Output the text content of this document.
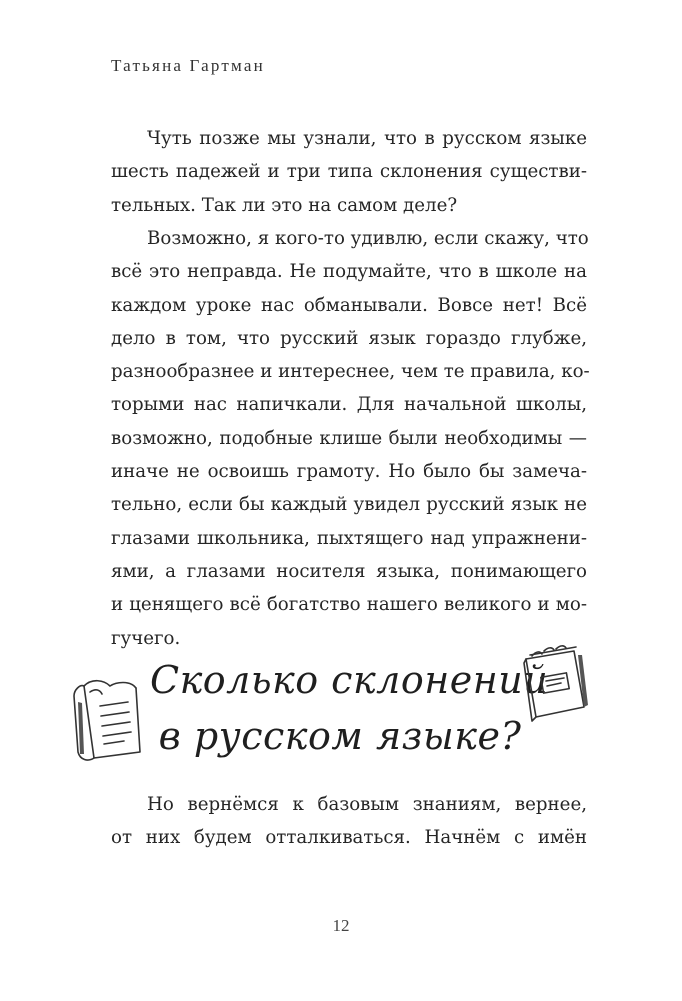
Татьяна Гартман
Чуть позже мы узнали, что в русском языке
шесть падежей и три типа склонения существи-
тельных. Так ли это на самом деле?
Возможно, я кого-то удивлю, если скажу, что
всё это неправда. Не подумайте, что в школе на
каждом уроке нас обманывали. Вовсе нет! Всё
дело в том, что русский язык гораздо глубже,
разнообразнее и интереснее, чем те правила, ко-
торыми нас напичкали. Для начальной школы,
возможно, подобные клише были необходимы —
иначе не освоишь грамоту. Но было бы замеча-
тельно, если бы каждый увидел русский язык не
глазами школьника, пыхтящего над упражнени-
ями, а глазами носителя языка, понимающего
и ценящего всё богатство нашего великого и мо-
гучего.
Сколько склонений
в русском языке?
Но вернёмся к базовым знаниям, вернее,
от них будем отталкиваться. Начнём с имён
12
